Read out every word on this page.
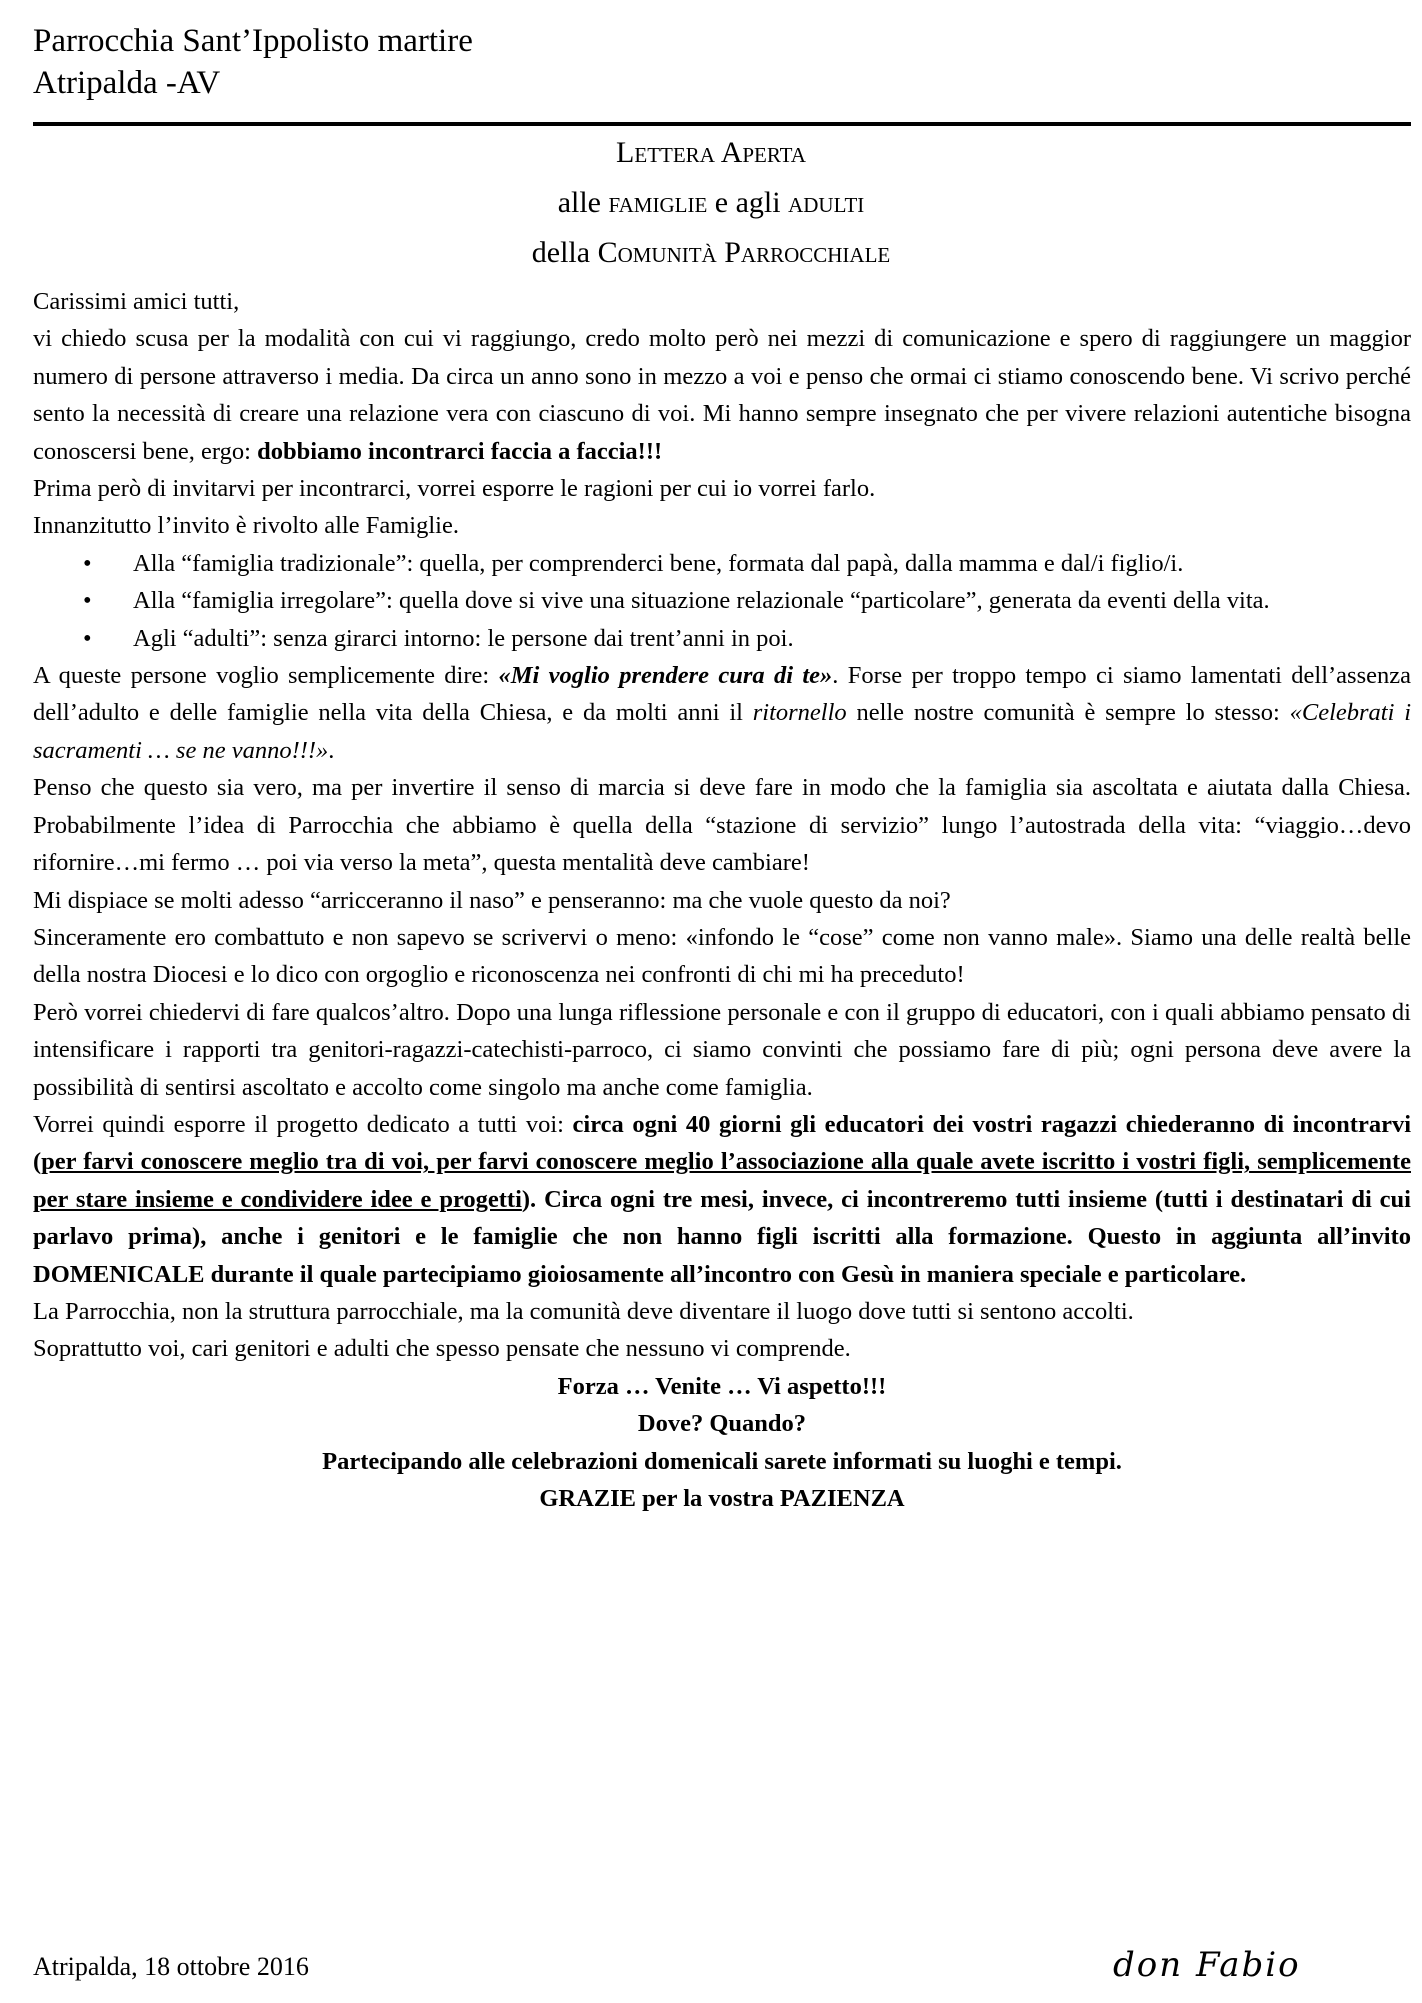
Parrocchia Sant’Ippolisto martire
Atripalda -AV
Lettera Aperta
alle famiglie e agli adulti
della Comunità Parrocchiale

Carissimi amici tutti,

vi chiedo scusa per la modalità con cui vi raggiungo, credo molto però nei mezzi di comunicazione e spero di raggiungere un maggior numero di persone attraverso i media. Da circa un anno sono in mezzo a voi e penso che ormai ci stiamo conoscendo bene. Vi scrivo perché sento la necessità di creare una relazione vera con ciascuno di voi. Mi hanno sempre insegnato che per vivere relazioni autentiche bisogna conoscersi bene, ergo: dobbiamo incontrarci faccia a faccia!!!

Prima però di invitarvi per incontrarci, vorrei esporre le ragioni per cui io vorrei farlo.

Innanzitutto l’invito è rivolto alle Famiglie.

• Alla “famiglia tradizionale”: quella, per comprenderci bene, formata dal papà, dalla mamma e dal/i figlio/i.
• Alla “famiglia irregolare”: quella dove si vive una situazione relazionale “particolare”, generata da eventi della vita.
• Agli “adulti”: senza girarci intorno: le persone dai trent’anni in poi.

A queste persone voglio semplicemente dire: «Mi voglio prendere cura di te». Forse per troppo tempo ci siamo lamentati dell’assenza dell’adulto e delle famiglie nella vita della Chiesa, e da molti anni il ritornello nelle nostre comunità è sempre lo stesso: «Celebrati i sacramenti … se ne vanno!!!».

Penso che questo sia vero, ma per invertire il senso di marcia si deve fare in modo che la famiglia sia ascoltata e aiutata dalla Chiesa. Probabilmente l’idea di Parrocchia che abbiamo è quella della “stazione di servizio” lungo l’autostrada della vita: “viaggio…devo rifornire…mi fermo … poi via verso la meta”, questa mentalità deve cambiare!

Mi dispiace se molti adesso “arricceranno il naso” e penseranno: ma che vuole questo da noi?

Sinceramente ero combattuto e non sapevo se scrivervi o meno: «infondo le “cose” come non vanno male». Siamo una delle realtà belle della nostra Diocesi e lo dico con orgoglio e riconoscenza nei confronti di chi mi ha preceduto!

Però vorrei chiedervi di fare qualcos’altro. Dopo una lunga riflessione personale e con il gruppo di educatori, con i quali abbiamo pensato di intensificare i rapporti tra genitori-ragazzi-catechisti-parroco, ci siamo convinti che possiamo fare di più; ogni persona deve avere la possibilità di sentirsi ascoltato e accolto come singolo ma anche come famiglia.

Vorrei quindi esporre il progetto dedicato a tutti voi: circa ogni 40 giorni gli educatori dei vostri ragazzi chiederanno di incontrarvi (per farvi conoscere meglio tra di voi, per farvi conoscere meglio l’associazione alla quale avete iscritto i vostri figli, semplicemente per stare insieme e condividere idee e progetti). Circa ogni tre mesi, invece, ci incontreremo tutti insieme (tutti i destinatari di cui parlavo prima), anche i genitori e le famiglie che non hanno figli iscritti alla formazione. Questo in aggiunta all’invito DOMENICALE durante il quale partecipiamo gioiosamente all’incontro con Gesù in maniera speciale e particolare.

La Parrocchia, non la struttura parrocchiale, ma la comunità deve diventare il luogo dove tutti si sentono accolti.

Soprattutto voi, cari genitori e adulti che spesso pensate che nessuno vi comprende.

Forza … Venite … Vi aspetto!!!

Dove? Quando?

Partecipando alle celebrazioni domenicali sarete informati su luoghi e tempi.

GRAZIE per la vostra PAZIENZA

Atripalda, 18 ottobre 2016	don Fabio
